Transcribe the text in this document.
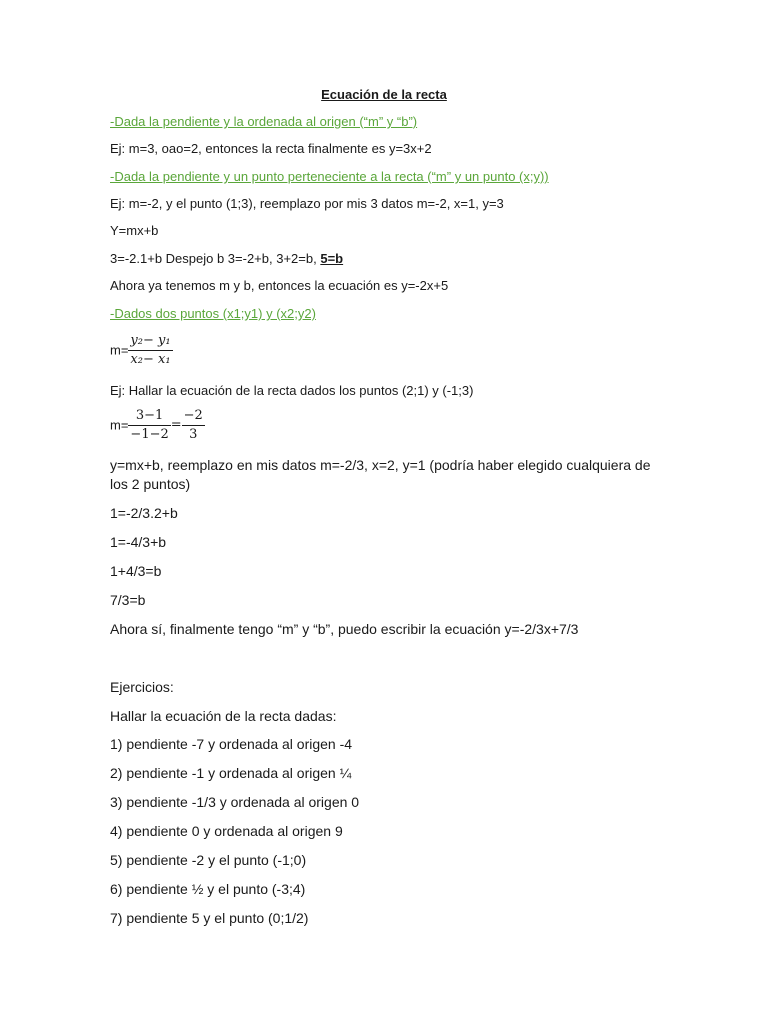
Ecuación de la recta
-Dada la pendiente y la ordenada al origen (“m” y “b”)
Ej: m=3, oao=2, entonces la recta finalmente es y=3x+2
-Dada la pendiente y un punto perteneciente a la recta (“m” y un punto (x;y))
Ej: m=-2, y el punto (1;3), reemplazo por mis 3 datos m=-2, x=1, y=3
Y=mx+b
3=-2.1+b Despejo b 3=-2+b, 3+2=b, 5=b
Ahora ya tenemos m y b, entonces la ecuación es y=-2x+5
-Dados dos puntos (x1;y1) y (x2;y2)
$m= \frac{\text{y₂− y₁}}{\text{x₂− x₁}}$
Ej: Hallar la ecuación de la recta dados los puntos (2;1) y (-1;3)
$m= \frac{3-1}{-1-2} = \frac{-2}{3}$
y=mx+b, reemplazo en mis datos m=-2/3, x=2, y=1 (podría haber elegido cualquiera de los 2 puntos)
1=-2/3.2+b
1=-4/3+b
1+4/3=b
7/3=b
Ahora sí, finalmente tengo “m” y “b”, puedo escribir la ecuación y=-2/3x+7/3
Ejercicios:
Hallar la ecuación de la recta dadas:
1) pendiente -7 y ordenada al origen -4
2) pendiente -1 y ordenada al origen ¼
3) pendiente -1/3 y ordenada al origen 0
4) pendiente 0 y ordenada al origen 9
5) pendiente -2 y el punto (-1;0)
6) pendiente ½ y el punto (-3;4)
7) pendiente 5 y el punto (0;1/2)
